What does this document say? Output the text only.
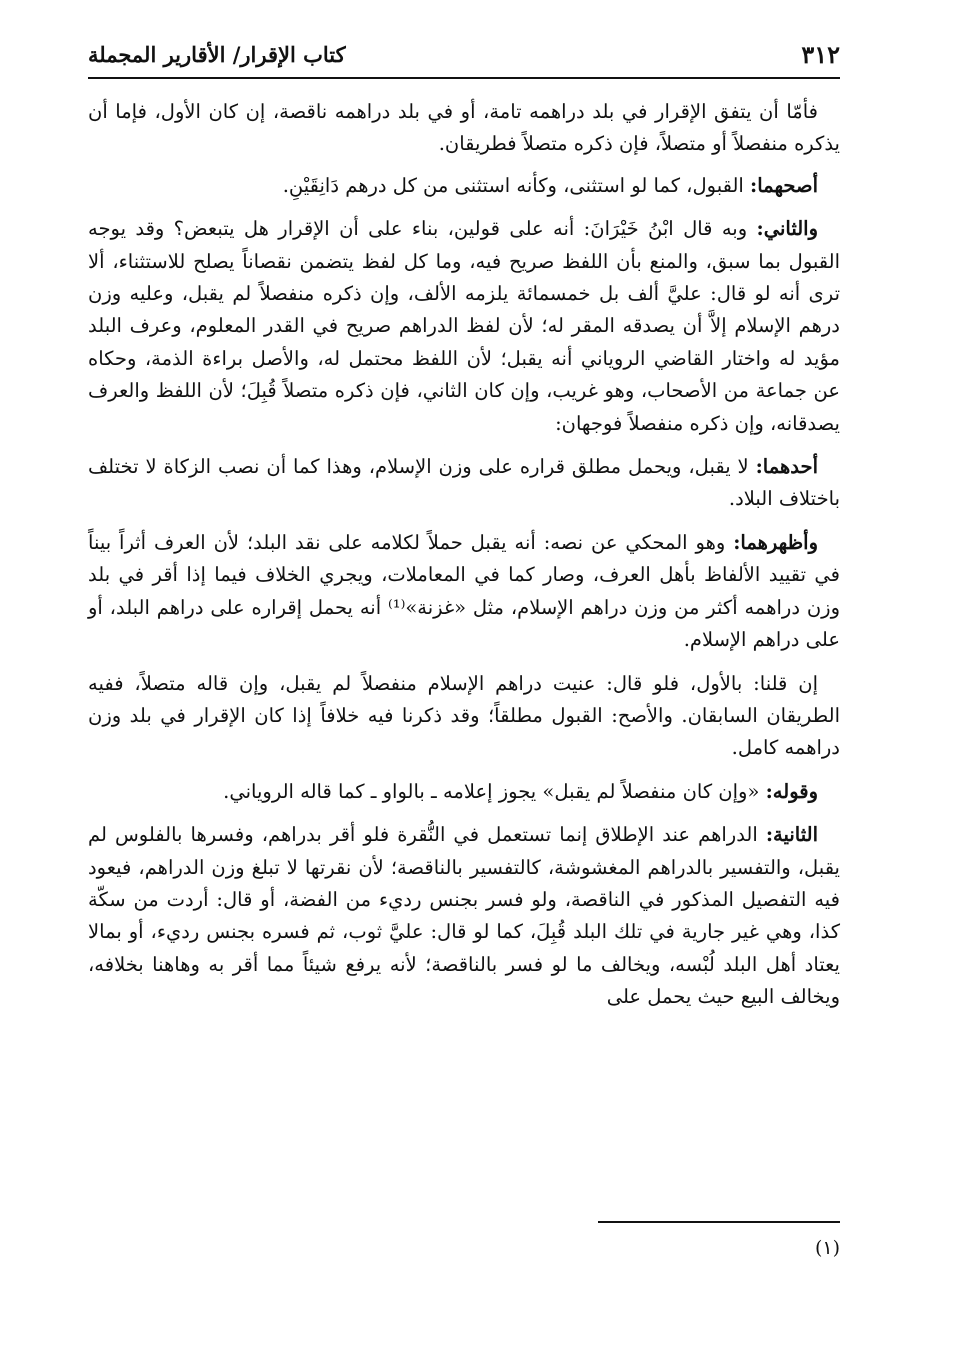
٣١٢
كتاب الإقرار/ الأقارير المجملة

فأمّا أن يتفق الإقرار في بلد دراهمه تامة، أو في بلد دراهمه ناقصة، إن كان الأول، فإما أن يذكره منفصلاً أو متصلاً، فإن ذكره متصلاً فطريقان.

أصحهما: القبول، كما لو استثنى، وكأنه استثنى من كل درهم دَانِقَيْنِ.

والثاني: وبه قال ابْنُ خَيْرَانَ: أنه على قولين، بناء على أن الإقرار هل يتبعض؟ وقد يوجه القبول بما سبق، والمنع بأن اللفظ صريح فيه، وما كل لفظ يتضمن نقصاناً يصلح للاستثناء، ألا ترى أنه لو قال: عليَّ ألف بل خمسمائة يلزمه الألف، وإن ذكره منفصلاً لم يقبل، وعليه وزن درهم الإسلام إلاَّ أن يصدقه المقر له؛ لأن لفظ الدراهم صريح في القدر المعلوم، وعرف البلد مؤيد له واختار القاضي الروياني أنه يقبل؛ لأن اللفظ محتمل له، والأصل براءة الذمة، وحكاه عن جماعة من الأصحاب، وهو غريب، وإن كان الثاني، فإن ذكره متصلاً قُبِلَ؛ لأن اللفظ والعرف يصدقانه، وإن ذكره منفصلاً فوجهان:

أحدهما: لا يقبل، ويحمل مطلق قراره على وزن الإسلام، وهذا كما أن نصب الزكاة لا تختلف باختلاف البلاد.

وأظهرهما: وهو المحكي عن نصه: أنه يقبل حملاً لكلامه على نقد البلد؛ لأن العرف أثراً بيناً في تقييد الألفاظ بأهل العرف، وصار كما في المعاملات، ويجري الخلاف فيما إذا أقر في بلد وزن دراهمه أكثر من وزن دراهم الإسلام، مثل «غزنة»⁽¹⁾ أنه يحمل إقراره على دراهم البلد، أو على دراهم الإسلام.

إن قلنا: بالأول، فلو قال: عنيت دراهم الإسلام منفصلاً لم يقبل، وإن قاله متصلاً، ففيه الطريقان السابقان. والأصح: القبول مطلقاً؛ وقد ذكرنا فيه خلافاً إذا كان الإقرار في بلد وزن دراهمه كامل.

وقوله: «وإن كان منفصلاً لم يقبل» يجوز إعلامه ـ بالواو ـ كما قاله الروياني.

الثانية: الدراهم عند الإطلاق إنما تستعمل في النُّقرة فلو أقر بدراهم، وفسرها بالفلوس لم يقبل، والتفسير بالدراهم المغشوشة، كالتفسير بالناقصة؛ لأن نقرتها لا تبلغ وزن الدراهم، فيعود فيه التفصيل المذكور في الناقصة، ولو فسر بجنس رديء من الفضة، أو قال: أردت من سكّة كذا، وهي غير جارية في تلك البلد قُبِلَ، كما لو قال: عليَّ ثوب، ثم فسره بجنس رديء، أو بمالا يعتاد أهل البلد لُبْسه، ويخالف ما لو فسر بالناقصة؛ لأنه يرفع شيئاً مما أقر به وهاهنا بخلافه، ويخالف البيع حيث يحمل على

(١)
